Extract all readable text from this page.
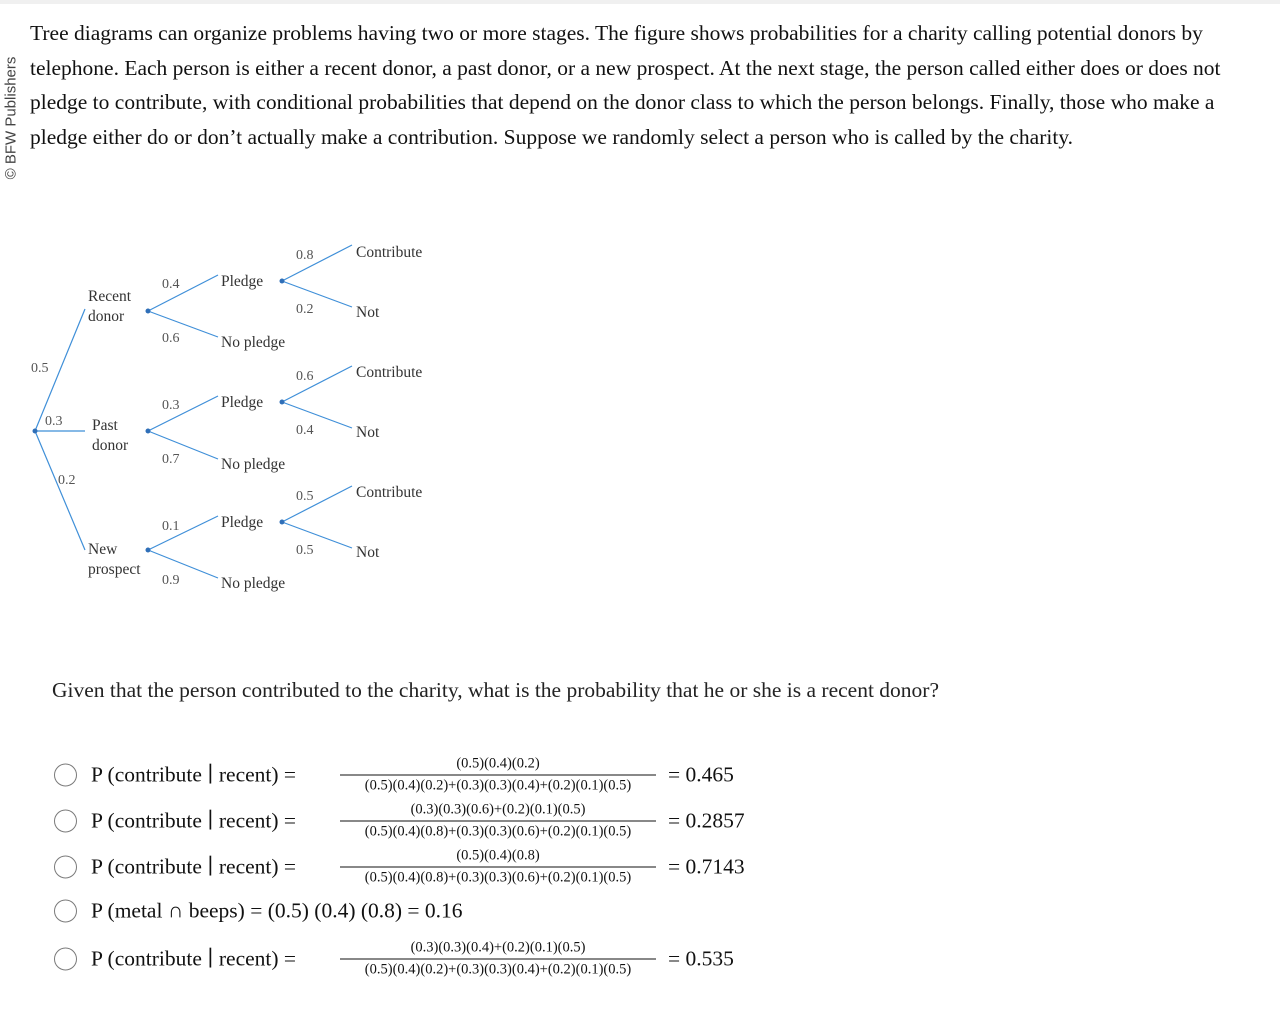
© BFW Publishers

Tree diagrams can organize problems having two or more stages. The figure shows probabilities for a charity calling potential donors by telephone. Each person is either a recent donor, a past donor, or a new prospect. At the next stage, the person called either does or does not pledge to contribute, with conditional probabilities that depend on the donor class to which the person belongs. Finally, those who make a pledge either do or don’t actually make a contribution. Suppose we randomly select a person who is called by the charity.

0.5
0.3
0.2
Recent
donor
Past
donor
New
prospect
0.4
0.6
Pledge
No pledge
0.8
0.2
Contribute
Not
0.3
0.7
Pledge
No pledge
0.6
0.4
Contribute
Not
0.1
0.9
Pledge
No pledge
0.5
0.5
Contribute
Not

Given that the person contributed to the charity, what is the probability that he or she is a recent donor?

P (contribute ∣ recent) =	(0.5)(0.4)(0.2)
(0.5)(0.4)(0.2)+(0.3)(0.3)(0.4)+(0.2)(0.1)(0.5)	= 0.465
P (contribute ∣ recent) =	(0.3)(0.3)(0.6)+(0.2)(0.1)(0.5)
(0.5)(0.4)(0.8)+(0.3)(0.3)(0.6)+(0.2)(0.1)(0.5)	= 0.2857
P (contribute ∣ recent) =	(0.5)(0.4)(0.8)
(0.5)(0.4)(0.8)+(0.3)(0.3)(0.6)+(0.2)(0.1)(0.5)	= 0.7143
P (metal ∩ beeps) = (0.5) (0.4) (0.8) = 0.16
P (contribute ∣ recent) =	(0.3)(0.3)(0.4)+(0.2)(0.1)(0.5)
(0.5)(0.4)(0.2)+(0.3)(0.3)(0.4)+(0.2)(0.1)(0.5)	= 0.535
